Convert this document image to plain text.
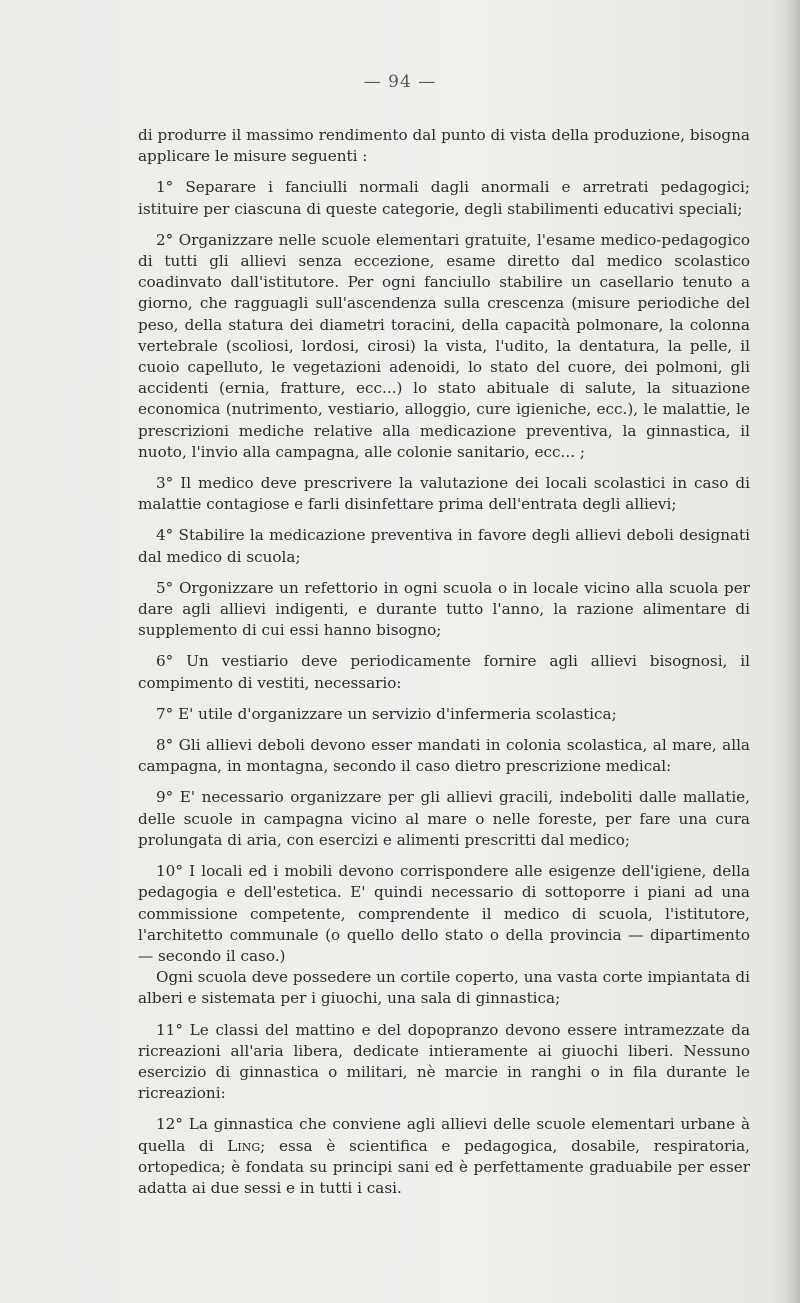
— 94 —

di produrre il massimo rendimento dal punto di vista della produzione, bisogna applicare le misure seguenti :

1° Separare i fanciulli normali dagli anormali e arretrati pedagogici; istituire per ciascuna di queste categorie, degli stabilimenti educativi speciali;

2° Organizzare nelle scuole elementari gratuite, l'esame medico-pedagogico di tutti gli allievi senza eccezione, esame diretto dal medico scolastico coadinvato dall'istitutore. Per ogni fanciullo stabilire un casellario tenuto a giorno, che ragguagli sull'ascendenza sulla crescenza (misure periodiche del peso, della statura dei diametri toracini, della capacità polmonare, la colonna vertebrale (scoliosi, lordosi, cirosi) la vista, l'udito, la dentatura, la pelle, il cuoio capelluto, le vegetazioni adenoidi, lo stato del cuore, dei polmoni, gli accidenti (ernia, fratture, ecc...) lo stato abituale di salute, la situazione economica (nutrimento, vestiario, alloggio, cure igieniche, ecc.), le malattie, le prescrizioni mediche relative alla medicazione preventiva, la ginnastica, il nuoto, l'invio alla campagna, alle colonie sanitario, ecc... ;

3° Il medico deve prescrivere la valutazione dei locali scolastici in caso di malattie contagiose e farli disinfettare prima dell'entrata degli allievi;

4° Stabilire la medicazione preventiva in favore degli allievi deboli designati dal medico di scuola;

5° Orgonizzare un refettorio in ogni scuola o in locale vicino alla scuola per dare agli allievi indigenti, e durante tutto l'anno, la razione alimentare di supplemento di cui essi hanno bisogno;

6° Un vestiario deve periodicamente fornire agli allievi bisognosi, il compimento di vestiti, necessario:

7° E' utile d'organizzare un servizio d'infermeria scolastica;

8° Gli allievi deboli devono esser mandati in colonia scolastica, al mare, alla campagna, in montagna, secondo il caso dietro prescrizione medical:

9° E' necessario organizzare per gli allievi gracili, indeboliti dalle mallatie, delle scuole in campagna vicino al mare o nelle foreste, per fare una cura prolungata di aria, con esercizi e alimenti prescritti dal medico;

10° I locali ed i mobili devono corrispondere alle esigenze dell'igiene, della pedagogia e dell'estetica. E' quindi necessario di sottoporre i piani ad una commissione competente, comprendente il medico di scuola, l'istitutore, l'architetto communale (o quello dello stato o della provincia — dipartimento — secondo il caso.)

Ogni scuola deve possedere un cortile coperto, una vasta corte impiantata di alberi e sistemata per i giuochi, una sala di ginnastica;

11° Le classi del mattino e del dopopranzo devono essere intramezzate da ricreazioni all'aria libera, dedicate intieramente ai giuochi liberi. Nessuno esercizio di ginnastica o militari, nè marcie in ranghi o in fila durante le ricreazioni:

12° La ginnastica che conviene agli allievi delle scuole elementari urbane à quella di Ling; essa è scientifica e pedagogica, dosabile, respiratoria, ortopedica; è fondata su principi sani ed è perfettamente graduabile per esser adatta ai due sessi e in tutti i casi.
